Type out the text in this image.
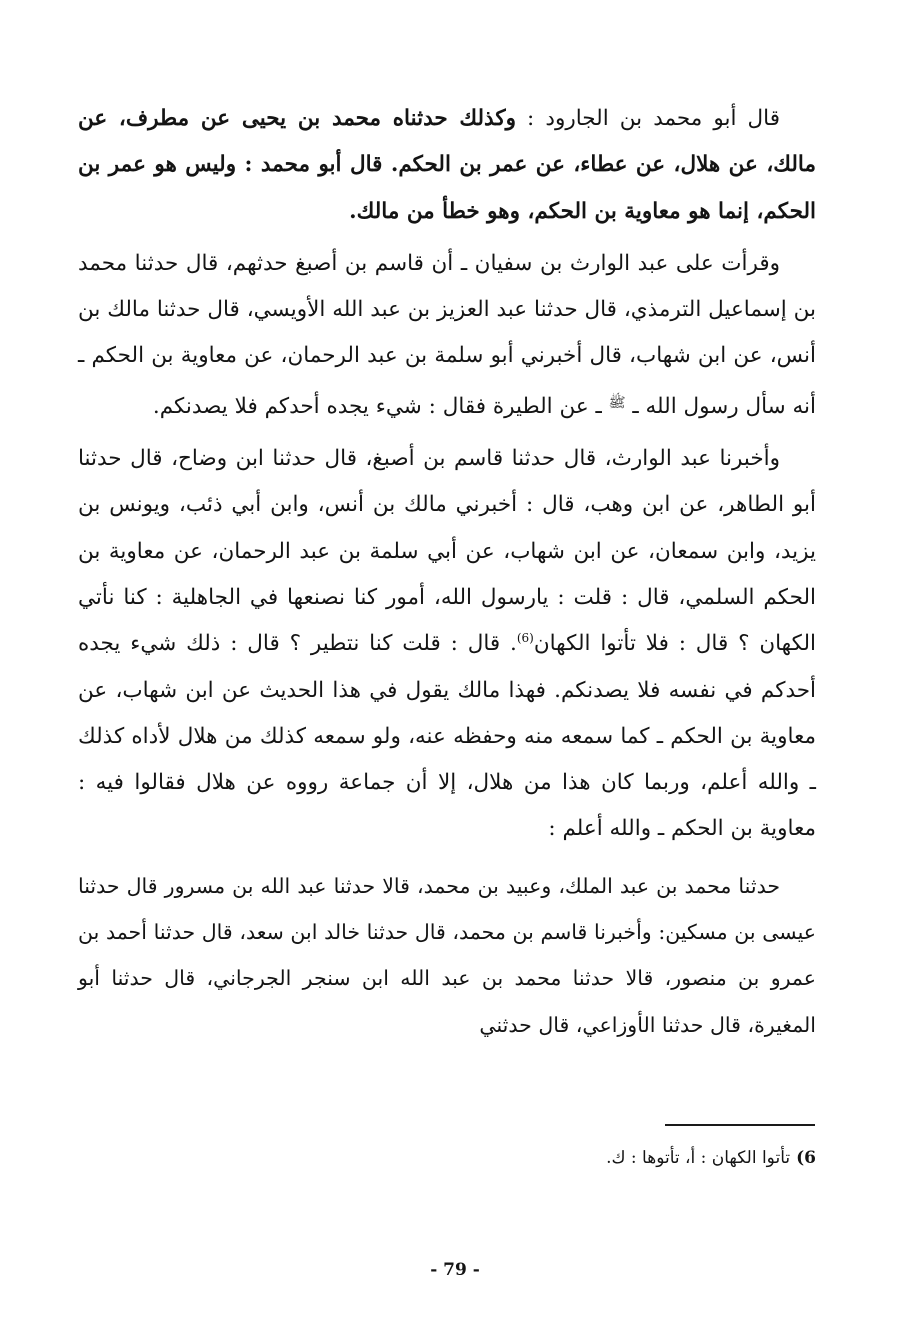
قال أبو محمد بن الجارود : وكذلك حدثناه محمد بن يحيى عن مطرف، عن مالك، عن هلال، عن عطاء، عن عمر بن الحكم. قال أبو محمد : وليس هو عمر بن الحكم، إنما هو معاوية بن الحكم، وهو خطأ من مالك.

وقرأت على عبد الوارث بن سفيان ـ أن قاسم بن أصبغ حدثهم، قال حدثنا محمد بن إسماعيل الترمذي، قال حدثنا عبد العزيز بن عبد الله الأويسي، قال حدثنا مالك بن أنس، عن ابن شهاب، قال أخبرني أبو سلمة بن عبد الرحمان، عن معاوية بن الحكم ـ أنه سأل رسول الله ـ $^ﷺ$ ـ عن الطيرة فقال : شيء يجده أحدكم فلا يصدنكم.

وأخبرنا عبد الوارث، قال حدثنا قاسم بن أصبغ، قال حدثنا ابن وضاح، قال حدثنا أبو الطاهر، عن ابن وهب، قال : أخبرني مالك بن أنس، وابن أبي ذئب، ويونس بن يزيد، وابن سمعان، عن ابن شهاب، عن أبي سلمة بن عبد الرحمان، عن معاوية بن الحكم السلمي، قال : قلت : يارسول الله، أمور كنا نصنعها في الجاهلية : كنا نأتي الكهان ؟ قال : فلا تأتوا الكهان$^{(6)}$. قال : قلت كنا نتطير ؟ قال : ذلك شيء يجده أحدكم في نفسه فلا يصدنكم. فهذا مالك يقول في هذا الحديث عن ابن شهاب، عن معاوية بن الحكم ـ كما سمعه منه وحفظه عنه، ولو سمعه كذلك من هلال لأداه كذلك ـ والله أعلم، وربما كان هذا من هلال، إلا أن جماعة رووه عن هلال فقالوا فيه : معاوية بن الحكم ـ والله أعلم :

حدثنا محمد بن عبد الملك، وعبيد بن محمد، قالا حدثنا عبد الله بن مسرور قال حدثنا عيسى بن مسكين: وأخبرنا قاسم بن محمد، قال حدثنا خالد ابن سعد، قال حدثنا أحمد بن عمرو بن منصور، قالا حدثنا محمد بن عبد الله ابن سنجر الجرجاني، قال حدثنا أبو المغيرة، قال حدثنا الأوزاعي، قال حدثني

6)تأتوا الكهان : أ، تأتوها : ك.
- 79 -
